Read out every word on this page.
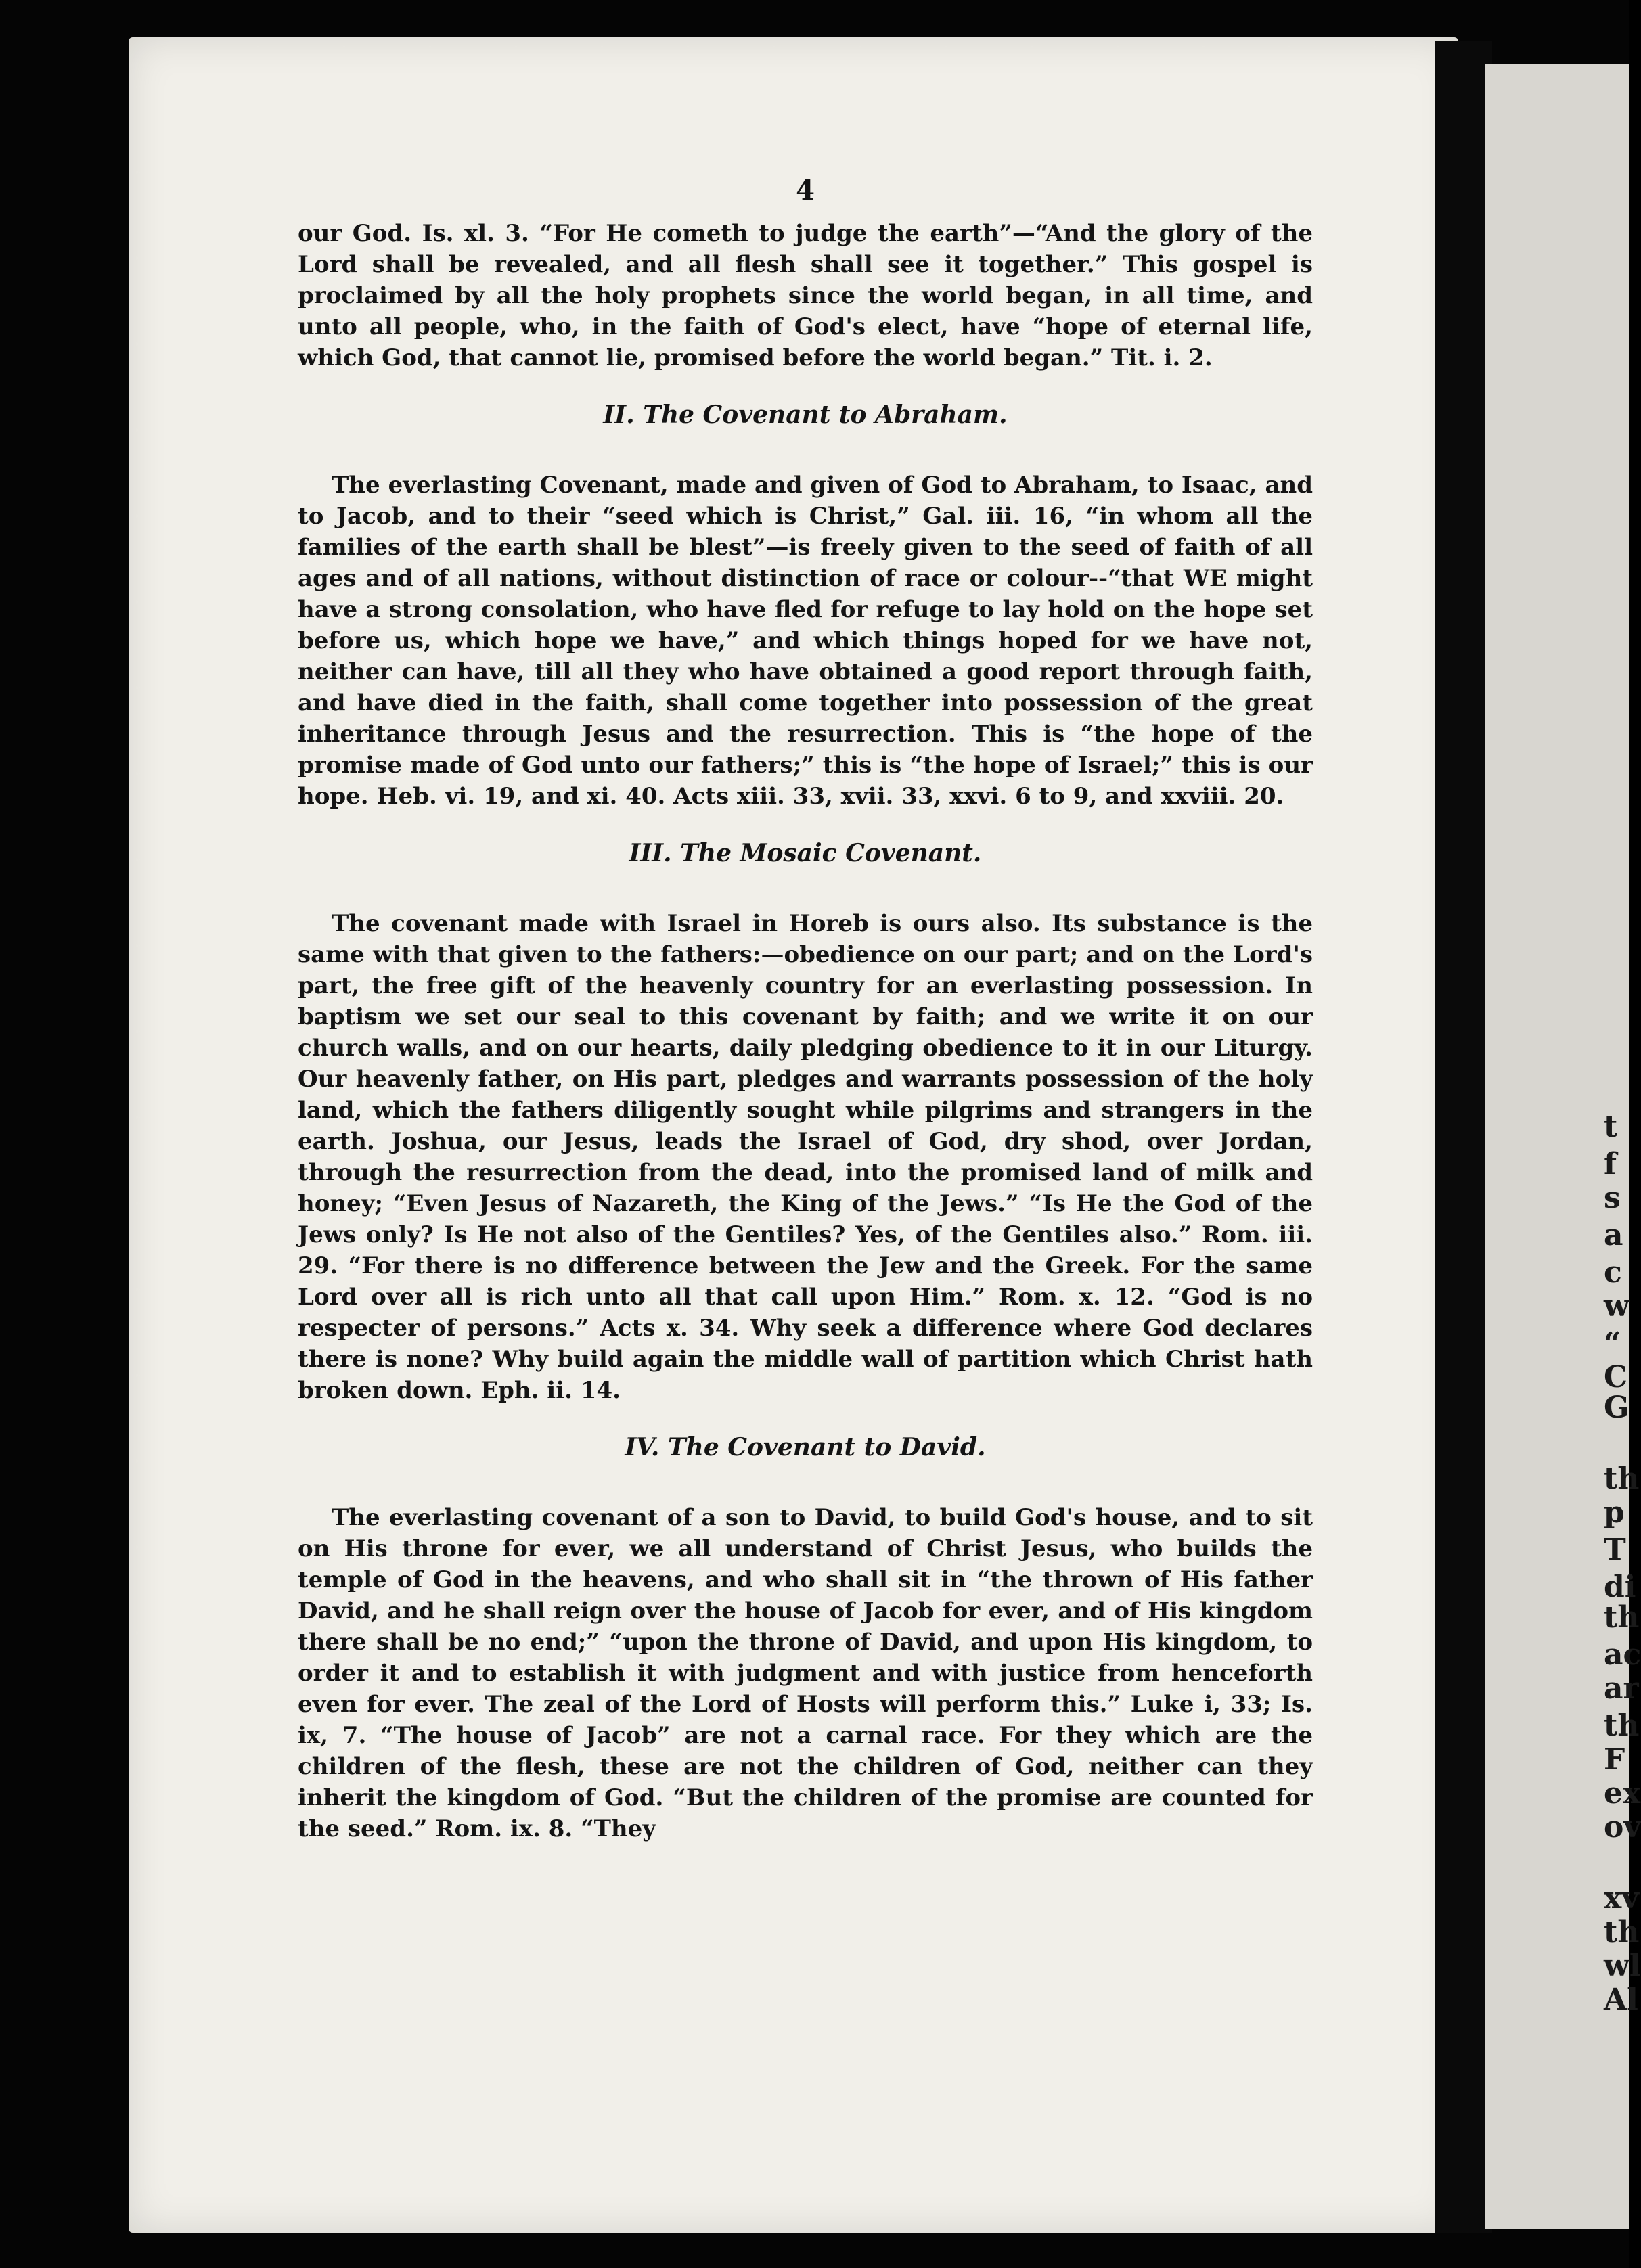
t
f
s
a
c
w
“
C
G
th
p
T
di
th
ac
ar
th
F
ex
ov
xv
th
wl
Al
4

our God. Is. xl. 3. “For He cometh to judge the earth”—“And the glory of the Lord shall be revealed, and all flesh shall see it together.” This gospel is proclaimed by all the holy prophets since the world began, in all time, and unto all people, who, in the faith of God's elect, have “hope of eternal life, which God, that cannot lie, promised before the world began.” Tit. i. 2.

II. The Covenant to Abraham.

The everlasting Covenant, made and given of God to Abraham, to Isaac, and to Jacob, and to their “seed which is Christ,” Gal. iii. 16, “in whom all the families of the earth shall be blest”—is freely given to the seed of faith of all ages and of all nations, without distinction of race or colour--“that WE might have a strong consolation, who have fled for refuge to lay hold on the hope set before us, which hope we have,” and which things hoped for we have not, neither can have, till all they who have obtained a good report through faith, and have died in the faith, shall come together into possession of the great inheritance through Jesus and the resurrection. This is “the hope of the promise made of God unto our fathers;” this is “the hope of Israel;” this is our hope. Heb. vi. 19, and xi. 40. Acts xiii. 33, xvii. 33, xxvi. 6 to 9, and xxviii. 20.

III. The Mosaic Covenant.

The covenant made with Israel in Horeb is ours also. Its substance is the same with that given to the fathers:—obedience on our part; and on the Lord's part, the free gift of the heavenly country for an everlasting possession. In baptism we set our seal to this covenant by faith; and we write it on our church walls, and on our hearts, daily pledging obedience to it in our Liturgy. Our heavenly father, on His part, pledges and warrants possession of the holy land, which the fathers diligently sought while pilgrims and strangers in the earth. Joshua, our Jesus, leads the Israel of God, dry shod, over Jordan, through the resurrection from the dead, into the promised land of milk and honey; “Even Jesus of Nazareth, the King of the Jews.” “Is He the God of the Jews only? Is He not also of the Gentiles? Yes, of the Gentiles also.” Rom. iii. 29. “For there is no difference between the Jew and the Greek. For the same Lord over all is rich unto all that call upon Him.” Rom. x. 12. “God is no respecter of persons.” Acts x. 34. Why seek a difference where God declares there is none? Why build again the middle wall of partition which Christ hath broken down. Eph. ii. 14.

IV. The Covenant to David.

The everlasting covenant of a son to David, to build God's house, and to sit on His throne for ever, we all understand of Christ Jesus, who builds the temple of God in the heavens, and who shall sit in “the thrown of His father David, and he shall reign over the house of Jacob for ever, and of His kingdom there shall be no end;” “upon the throne of David, and upon His kingdom, to order it and to establish it with judgment and with justice from henceforth even for ever. The zeal of the Lord of Hosts will perform this.” Luke i, 33; Is. ix, 7. “The house of Jacob” are not a carnal race. For they which are the children of the flesh, these are not the children of God, neither can they inherit the kingdom of God. “But the children of the promise are counted for the seed.” Rom. ix. 8. “They
